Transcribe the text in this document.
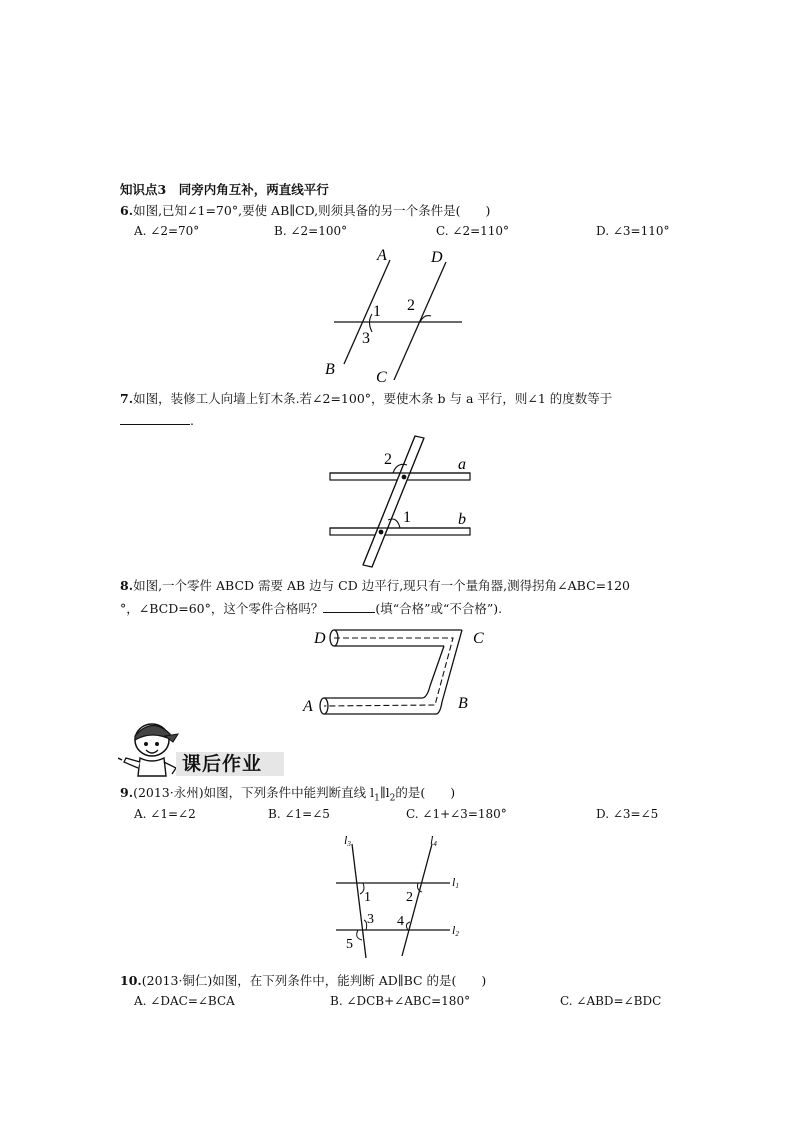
知识点3　同旁内角互补，两直线平行
6.如图,已知∠1=70°,要使 AB∥CD,则须具备的另一个条件是(　　)
A. ∠2=70°	B. ∠2=100°	C. ∠2=110°	D. ∠3=110°
A	D
B	C
1 2
3
7.如图，装修工人向墙上钉木条.若∠2=100°，要使木条 b 与 a 平行，则∠1 的度数等于
.
2
1
a
b
8.如图,一个零件 ABCD 需要 AB 边与 CD 边平行,现只有一个量角器,测得拐角∠ABC=120
°，∠BCD=60°，这个零件合格吗？	(填“合格”或“不合格”).
D	C
A	B
课后作业
9.(2013·永州)如图，下列条件中能判断直线 $l_1\parallel l_2$的是(　　)
A. ∠1=∠2	B. ∠1=∠5	C. ∠1+∠3=180°	D. ∠3=∠5
l3	l4
l1
l2
1	2
3 4
5
10.(2013·铜仁)如图，在下列条件中，能判断 AD∥BC 的是(　　)
A. ∠DAC=∠BCA	B. ∠DCB+∠ABC=180°	C. ∠ABD=∠BDC
